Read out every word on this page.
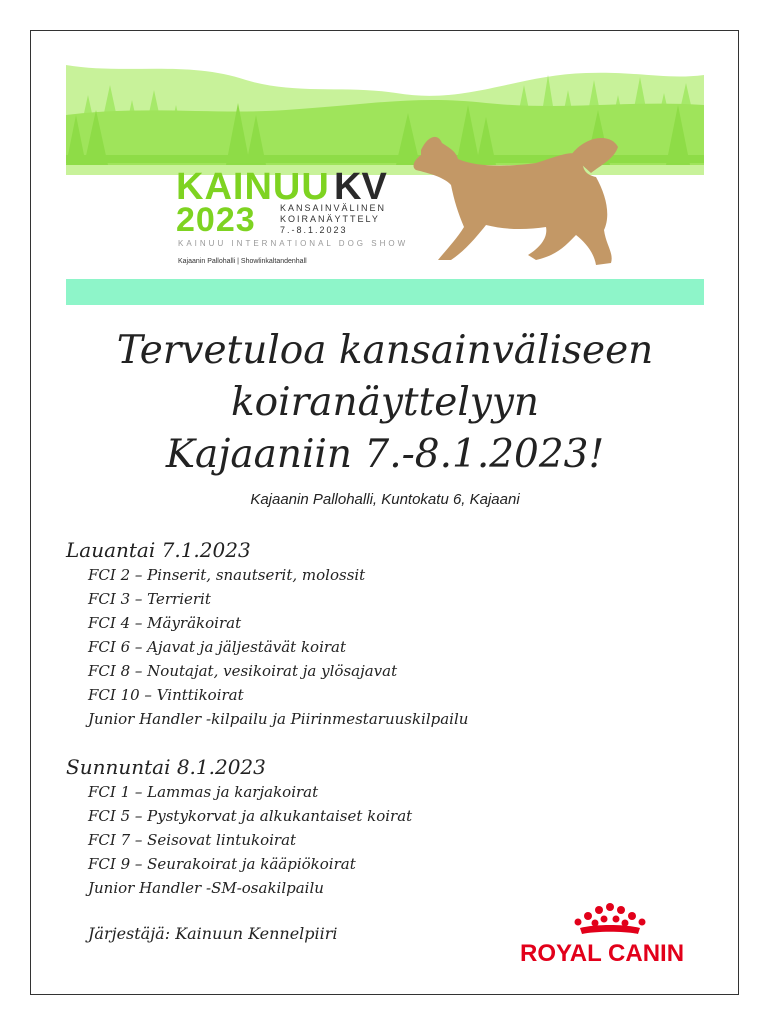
KAINUU KV
2023	KANSAINVÄLINEN
KOIRANÄYTTELY
7.-8.1.2023
KAINUU INTERNATIONAL DOG SHOW
Kajaanin Pallohalli | Showlinkaltandenhall
Tervetuloa kansainväliseen
koiranäyttelyyn
Kajaaniin 7.-8.1.2023!
Kajaanin Pallohalli, Kuntokatu 6, Kajaani
Lauantai 7.1.2023
FCI 2 – Pinserit, snautserit, molossit
FCI 3 – Terrierit
FCI 4 – Mäyräkoirat
FCI 6 – Ajavat ja jäljestävät koirat
FCI 8 – Noutajat, vesikoirat ja ylösajavat
FCI 10 – Vinttikoirat
Junior Handler -kilpailu ja Piirinmestaruuskilpailu
Sunnuntai 8.1.2023
FCI 1 – Lammas ja karjakoirat
FCI 5 – Pystykorvat ja alkukantaiset koirat
FCI 7 – Seisovat lintukoirat
FCI 9 – Seurakoirat ja kääpiökoirat
Junior Handler -SM-osakilpailu
Järjestäjä: Kainuun Kennelpiiri
ROYAL CANIN
